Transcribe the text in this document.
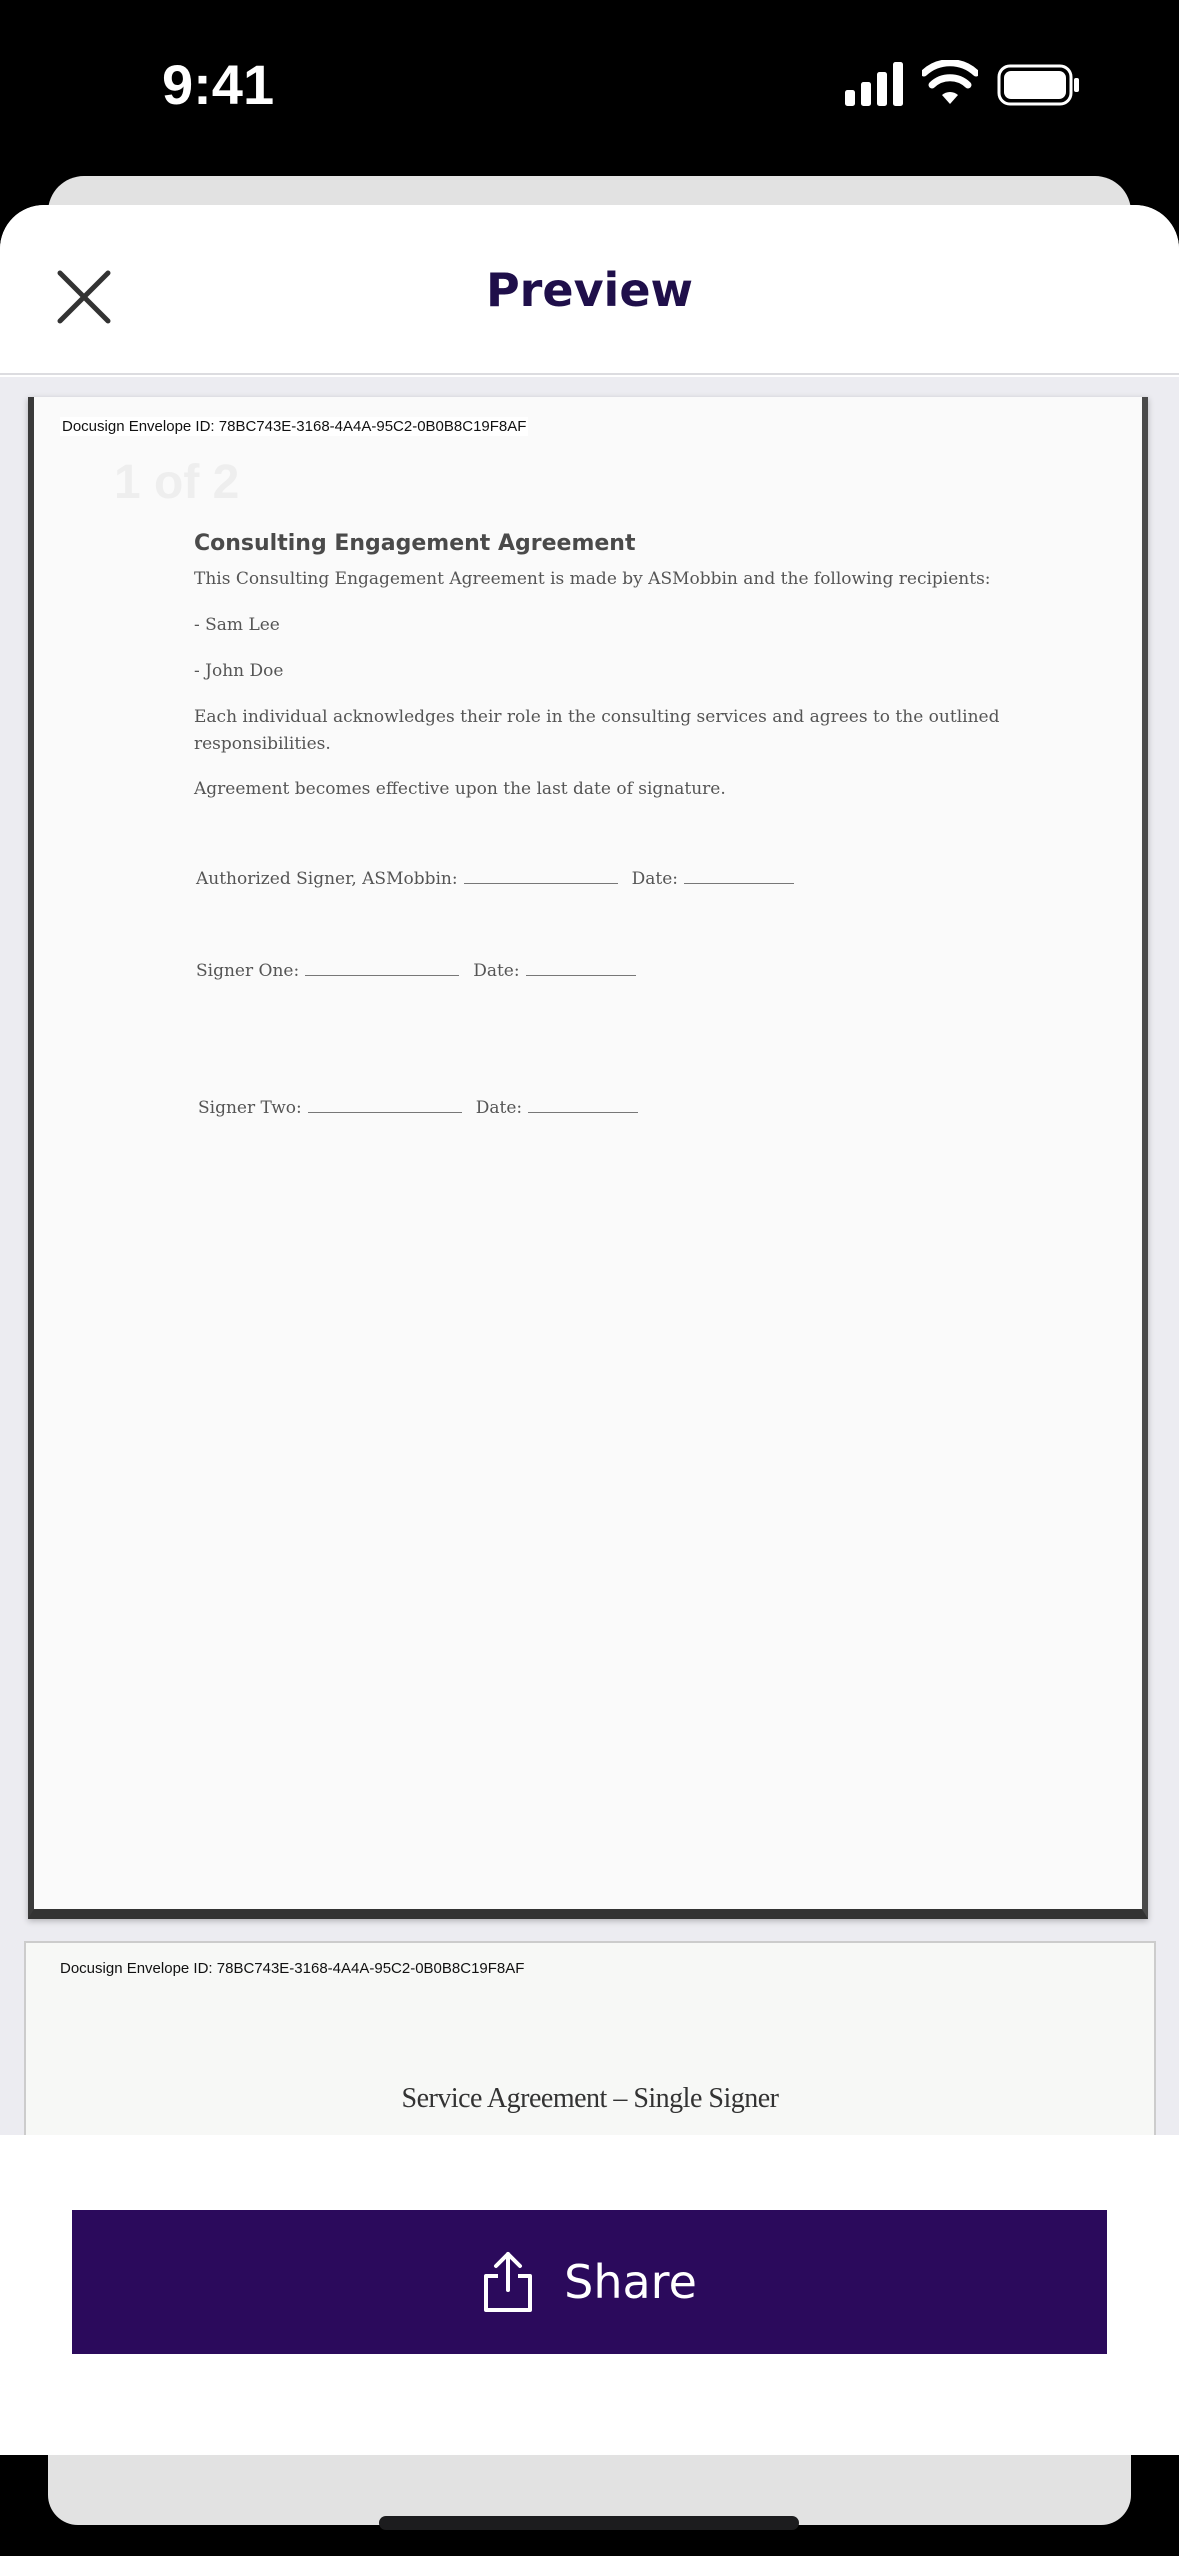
9:41
Preview
Docusign Envelope ID: 78BC743E-3168-4A4A-95C2-0B0B8C19F8AF
1 of 2
Consulting Engagement Agreement

This Consulting Engagement Agreement is made by ASMobbin and the following recipients:

- Sam Lee

- John Doe

Each individual acknowledges their role in the consulting services and agrees to the outlined responsibilities.

Agreement becomes effective upon the last date of signature.

Authorized Signer, ASMobbin:	Date:
Signer One:	Date:
Signer Two:	Date:
Docusign Envelope ID: 78BC743E-3168-4A4A-95C2-0B0B8C19F8AF
Service Agreement – Single Signer
Share
